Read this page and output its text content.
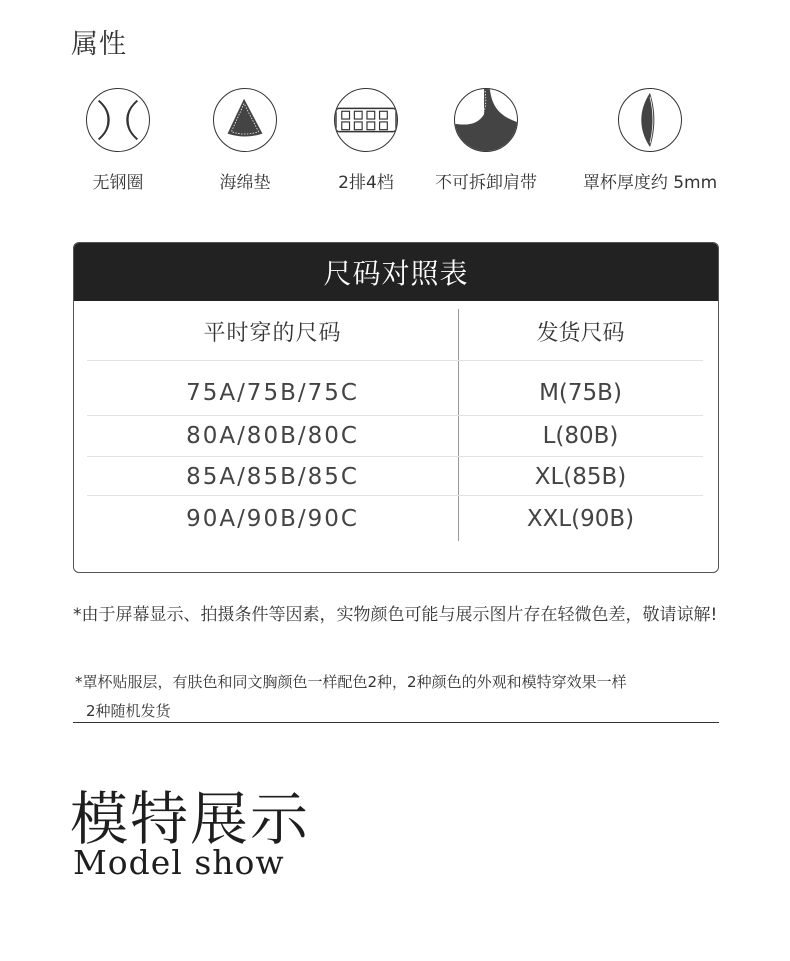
属性
无钢圈	海绵垫	2排4档	不可拆卸肩带	罩杯厚度约 5mm
尺码对照表
平时穿的尺码	发货尺码
75A/75B/75C	M(75B)
80A/80B/80C	L(80B)
85A/85B/85C	XL(85B)
90A/90B/90C	XXL(90B)
*由于屏幕显示、拍摄条件等因素，实物颜色可能与展示图片存在轻微色差，敬请谅解!
*罩杯贴服层，有肤色和同文胸颜色一样配色2种，2种颜色的外观和模特穿效果一样
2种随机发货
模特展示
Model show
